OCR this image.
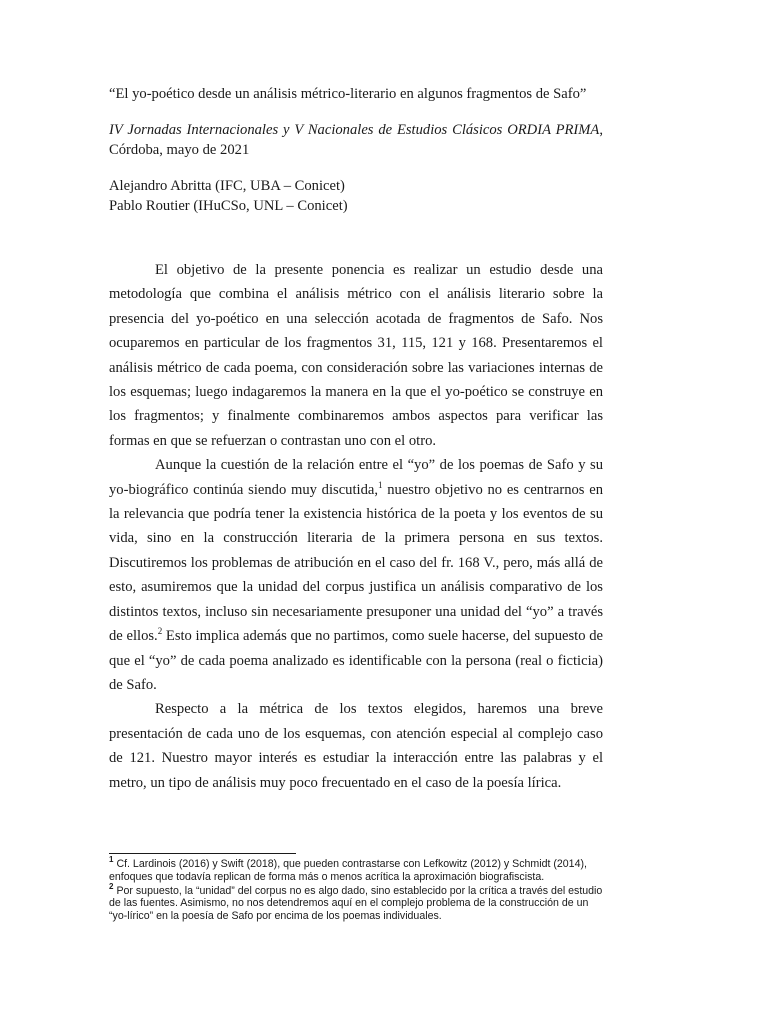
“El yo-poético desde un análisis métrico-literario en algunos fragmentos de Safo”

IV Jornadas Internacionales y V Nacionales de Estudios Clásicos ORDIA PRIMA, Córdoba, mayo de 2021

Alejandro Abritta (IFC, UBA – Conicet)
Pablo Routier (IHuCSo, UNL – Conicet)

El objetivo de la presente ponencia es realizar un estudio desde una metodología que combina el análisis métrico con el análisis literario sobre la presencia del yo-poético en una selección acotada de fragmentos de Safo. Nos ocuparemos en particular de los fragmentos 31, 115, 121 y 168. Presentaremos el análisis métrico de cada poema, con consideración sobre las variaciones internas de los esquemas; luego indagaremos la manera en la que el yo-poético se construye en los fragmentos; y finalmente combinaremos ambos aspectos para verificar las formas en que se refuerzan o contrastan uno con el otro.

Aunque la cuestión de la relación entre el “yo” de los poemas de Safo y su yo-biográfico continúa siendo muy discutida,$^1$ nuestro objetivo no es centrarnos en la relevancia que podría tener la existencia histórica de la poeta y los eventos de su vida, sino en la construcción literaria de la primera persona en sus textos. Discutiremos los problemas de atribución en el caso del fr. 168 V., pero, más allá de esto, asumiremos que la unidad del corpus justifica un análisis comparativo de los distintos textos, incluso sin necesariamente presuponer una unidad del “yo” a través de ellos.$^2$ Esto implica además que no partimos, como suele hacerse, del supuesto de que el “yo” de cada poema analizado es identificable con la persona (real o ficticia) de Safo.

Respecto a la métrica de los textos elegidos, haremos una breve presentación de cada uno de los esquemas, con atención especial al complejo caso de 121. Nuestro mayor interés es estudiar la interacción entre las palabras y el metro, un tipo de análisis muy poco frecuentado en el caso de la poesía lírica.

$^1$ Cf. Lardinois (2016) y Swift (2018), que pueden contrastarse con Lefkowitz (2012) y Schmidt (2014), enfoques que todavía replican de forma más o menos acrítica la aproximación biografiscista.

$^2$ Por supuesto, la “unidad” del corpus no es algo dado, sino establecido por la crítica a través del estudio de las fuentes. Asimismo, no nos detendremos aquí en el complejo problema de la construcción de un “yo-lírico” en la poesía de Safo por encima de los poemas individuales.
